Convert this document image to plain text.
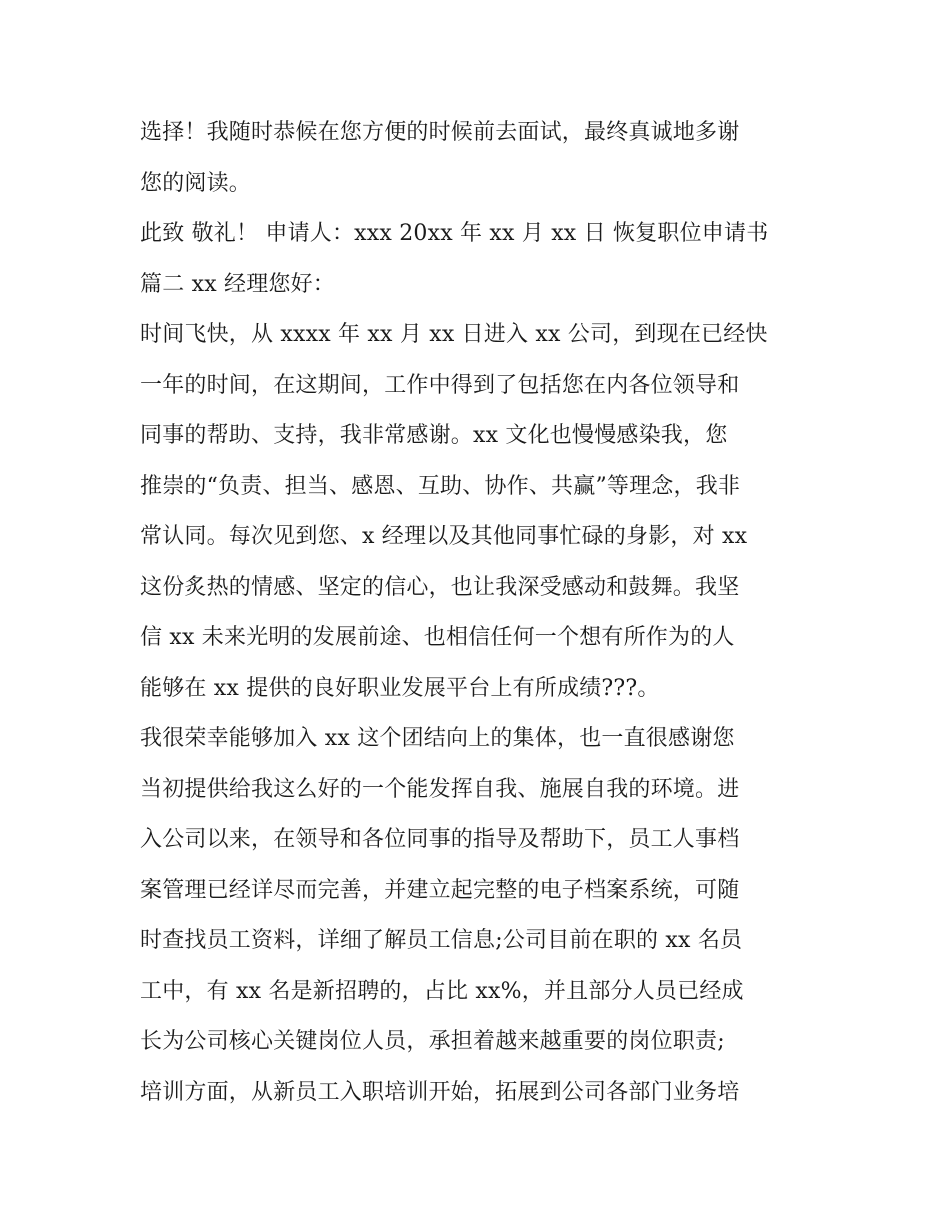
选择！我随时恭候在您方便的时候前去面试，最终真诚地多谢
您的阅读。
此致 敬礼！ 申请人：xxx 20xx 年 xx 月 xx 日 恢复职位申请书
篇二 xx 经理您好：
时间飞快，从 xxxx 年 xx 月 xx 日进入 xx 公司，到现在已经快
一年的时间，在这期间，工作中得到了包括您在内各位领导和
同事的帮助、支持，我非常感谢。xx 文化也慢慢感染我，您
推崇的“负责、担当、感恩、互助、协作、共赢”等理念，我非
常认同。每次见到您、x 经理以及其他同事忙碌的身影，对 xx
这份炙热的情感、坚定的信心，也让我深受感动和鼓舞。我坚
信 xx 未来光明的发展前途、也相信任何一个想有所作为的人
能够在 xx 提供的良好职业发展平台上有所成绩???。
我很荣幸能够加入 xx 这个团结向上的集体，也一直很感谢您
当初提供给我这么好的一个能发挥自我、施展自我的环境。进
入公司以来，在领导和各位同事的指导及帮助下，员工人事档
案管理已经详尽而完善，并建立起完整的电子档案系统，可随
时查找员工资料，详细了解员工信息;公司目前在职的 xx 名员
工中，有 xx 名是新招聘的，占比 xx%，并且部分人员已经成
长为公司核心关键岗位人员，承担着越来越重要的岗位职责;
培训方面，从新员工入职培训开始，拓展到公司各部门业务培
